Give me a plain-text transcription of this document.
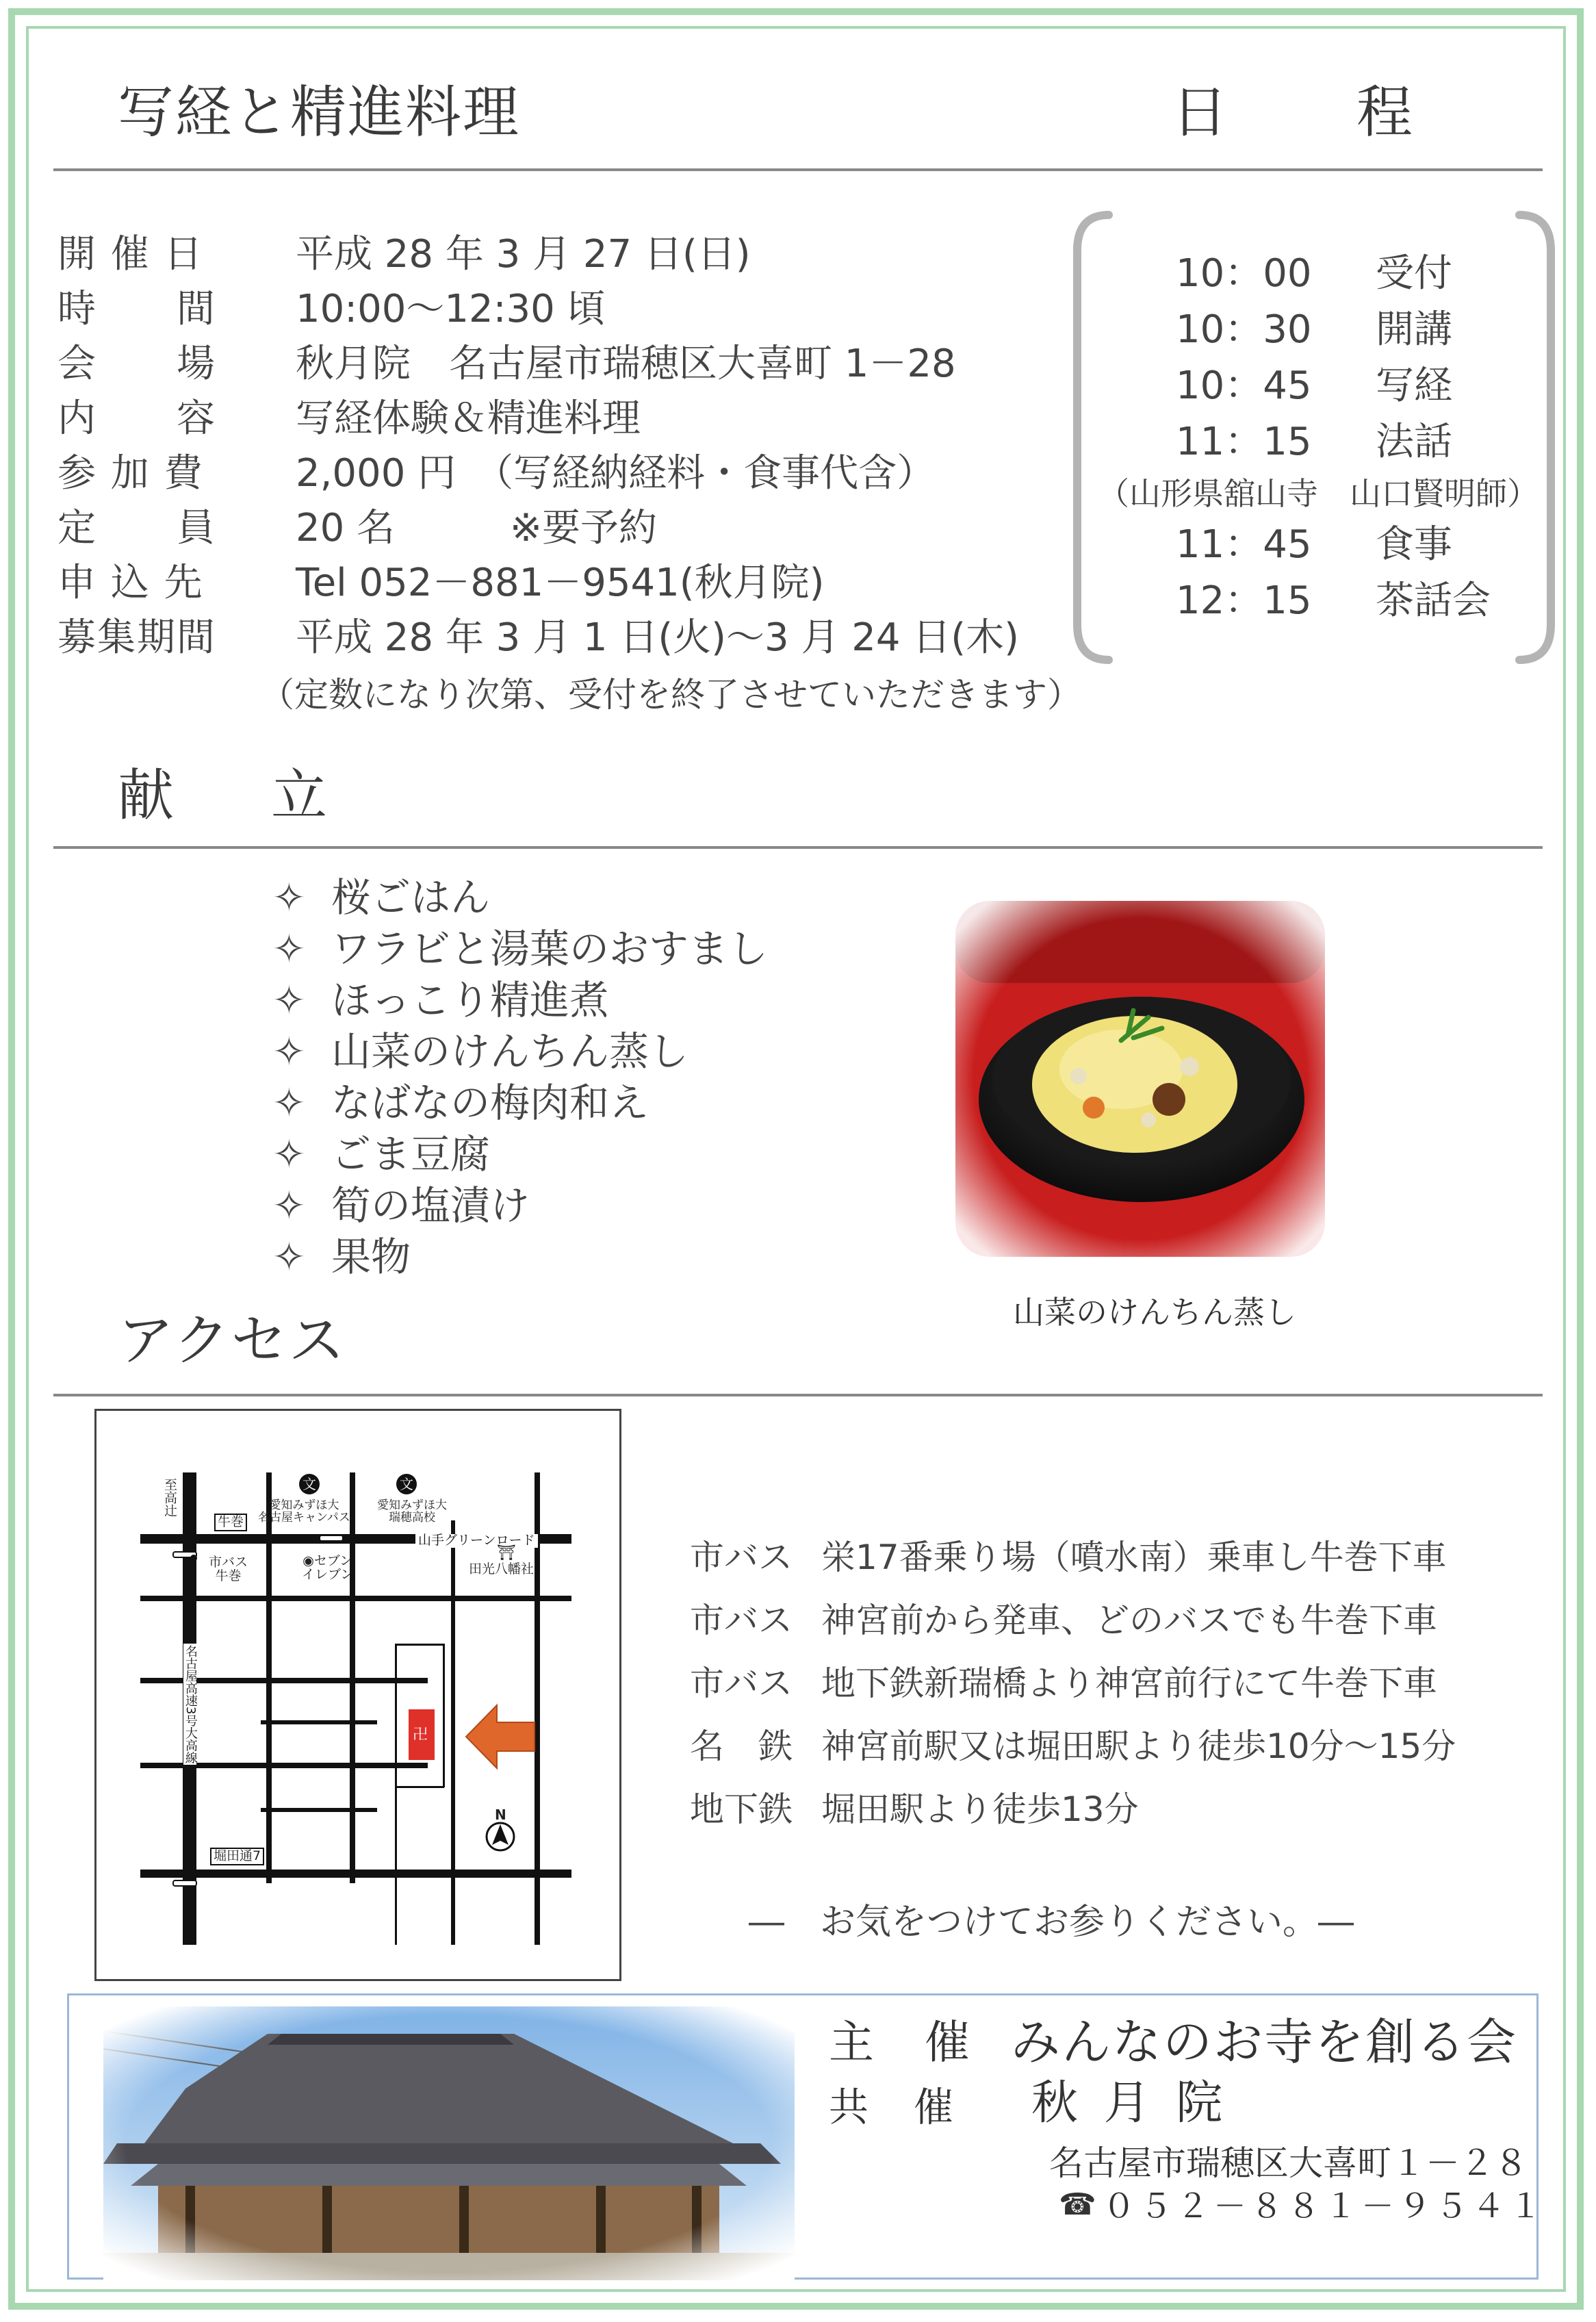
写経と精進料理	日　　程
開 催 日 平成 28 年 3 月 27 日(日)
時　　間 10:00～12:30 頃
会　　場 秋月院　名古屋市瑞穂区大喜町 1－28
内　　容 写経体験＆精進料理
参 加 費 2,000 円　（写経納経料・食事代含）
定　　員 20 名　　　※要予約
申 込 先 Tel 052－881－9541(秋月院)
募集期間 平成 28 年 3 月 1 日(火)～3 月 24 日(木)
（定数になり次第、受付を終了させていただきます）
10：00 受付
10：30 開講
10：45 写経
11：15 法話
（山形県舘山寺　山口賢明師）
11：45 食事
12：15 茶話会
献　立
✧ 桜ごはん
✧ ワラビと湯葉のおすまし
✧ ほっこり精進煮
✧ 山菜のけんちん蒸し
✧ なばなの梅肉和え
✧ ごま豆腐
✧ 筍の塩漬け
✧ 果物
山菜のけんちん蒸し
アクセス
至高辻
牛巻
市バス
牛巻
文
愛知みずほ大
名古屋キャンパス
文
愛知みずほ大
瑞穂高校
山手グリーンロード
◉セブン
イレブン
⛩
田光八幡社
名古屋高速3号大高線
堀田通7
卍
N
市バス 栄17番乗り場（噴水南）乗車し牛巻下車
市バス 神宮前から発車、どのバスでも牛巻下車
市バス 地下鉄新瑞橋より神宮前行にて牛巻下車
名　鉄 神宮前駅又は堀田駅より徒歩10分～15分
地下鉄 堀田駅より徒歩13分
―　お気をつけてお参りください。―
主　催 みんなのお寺を創る会
共　催 秋 月 院
名古屋市瑞穂区大喜町１－２８
☎ ０５２－８８１－９５４１
